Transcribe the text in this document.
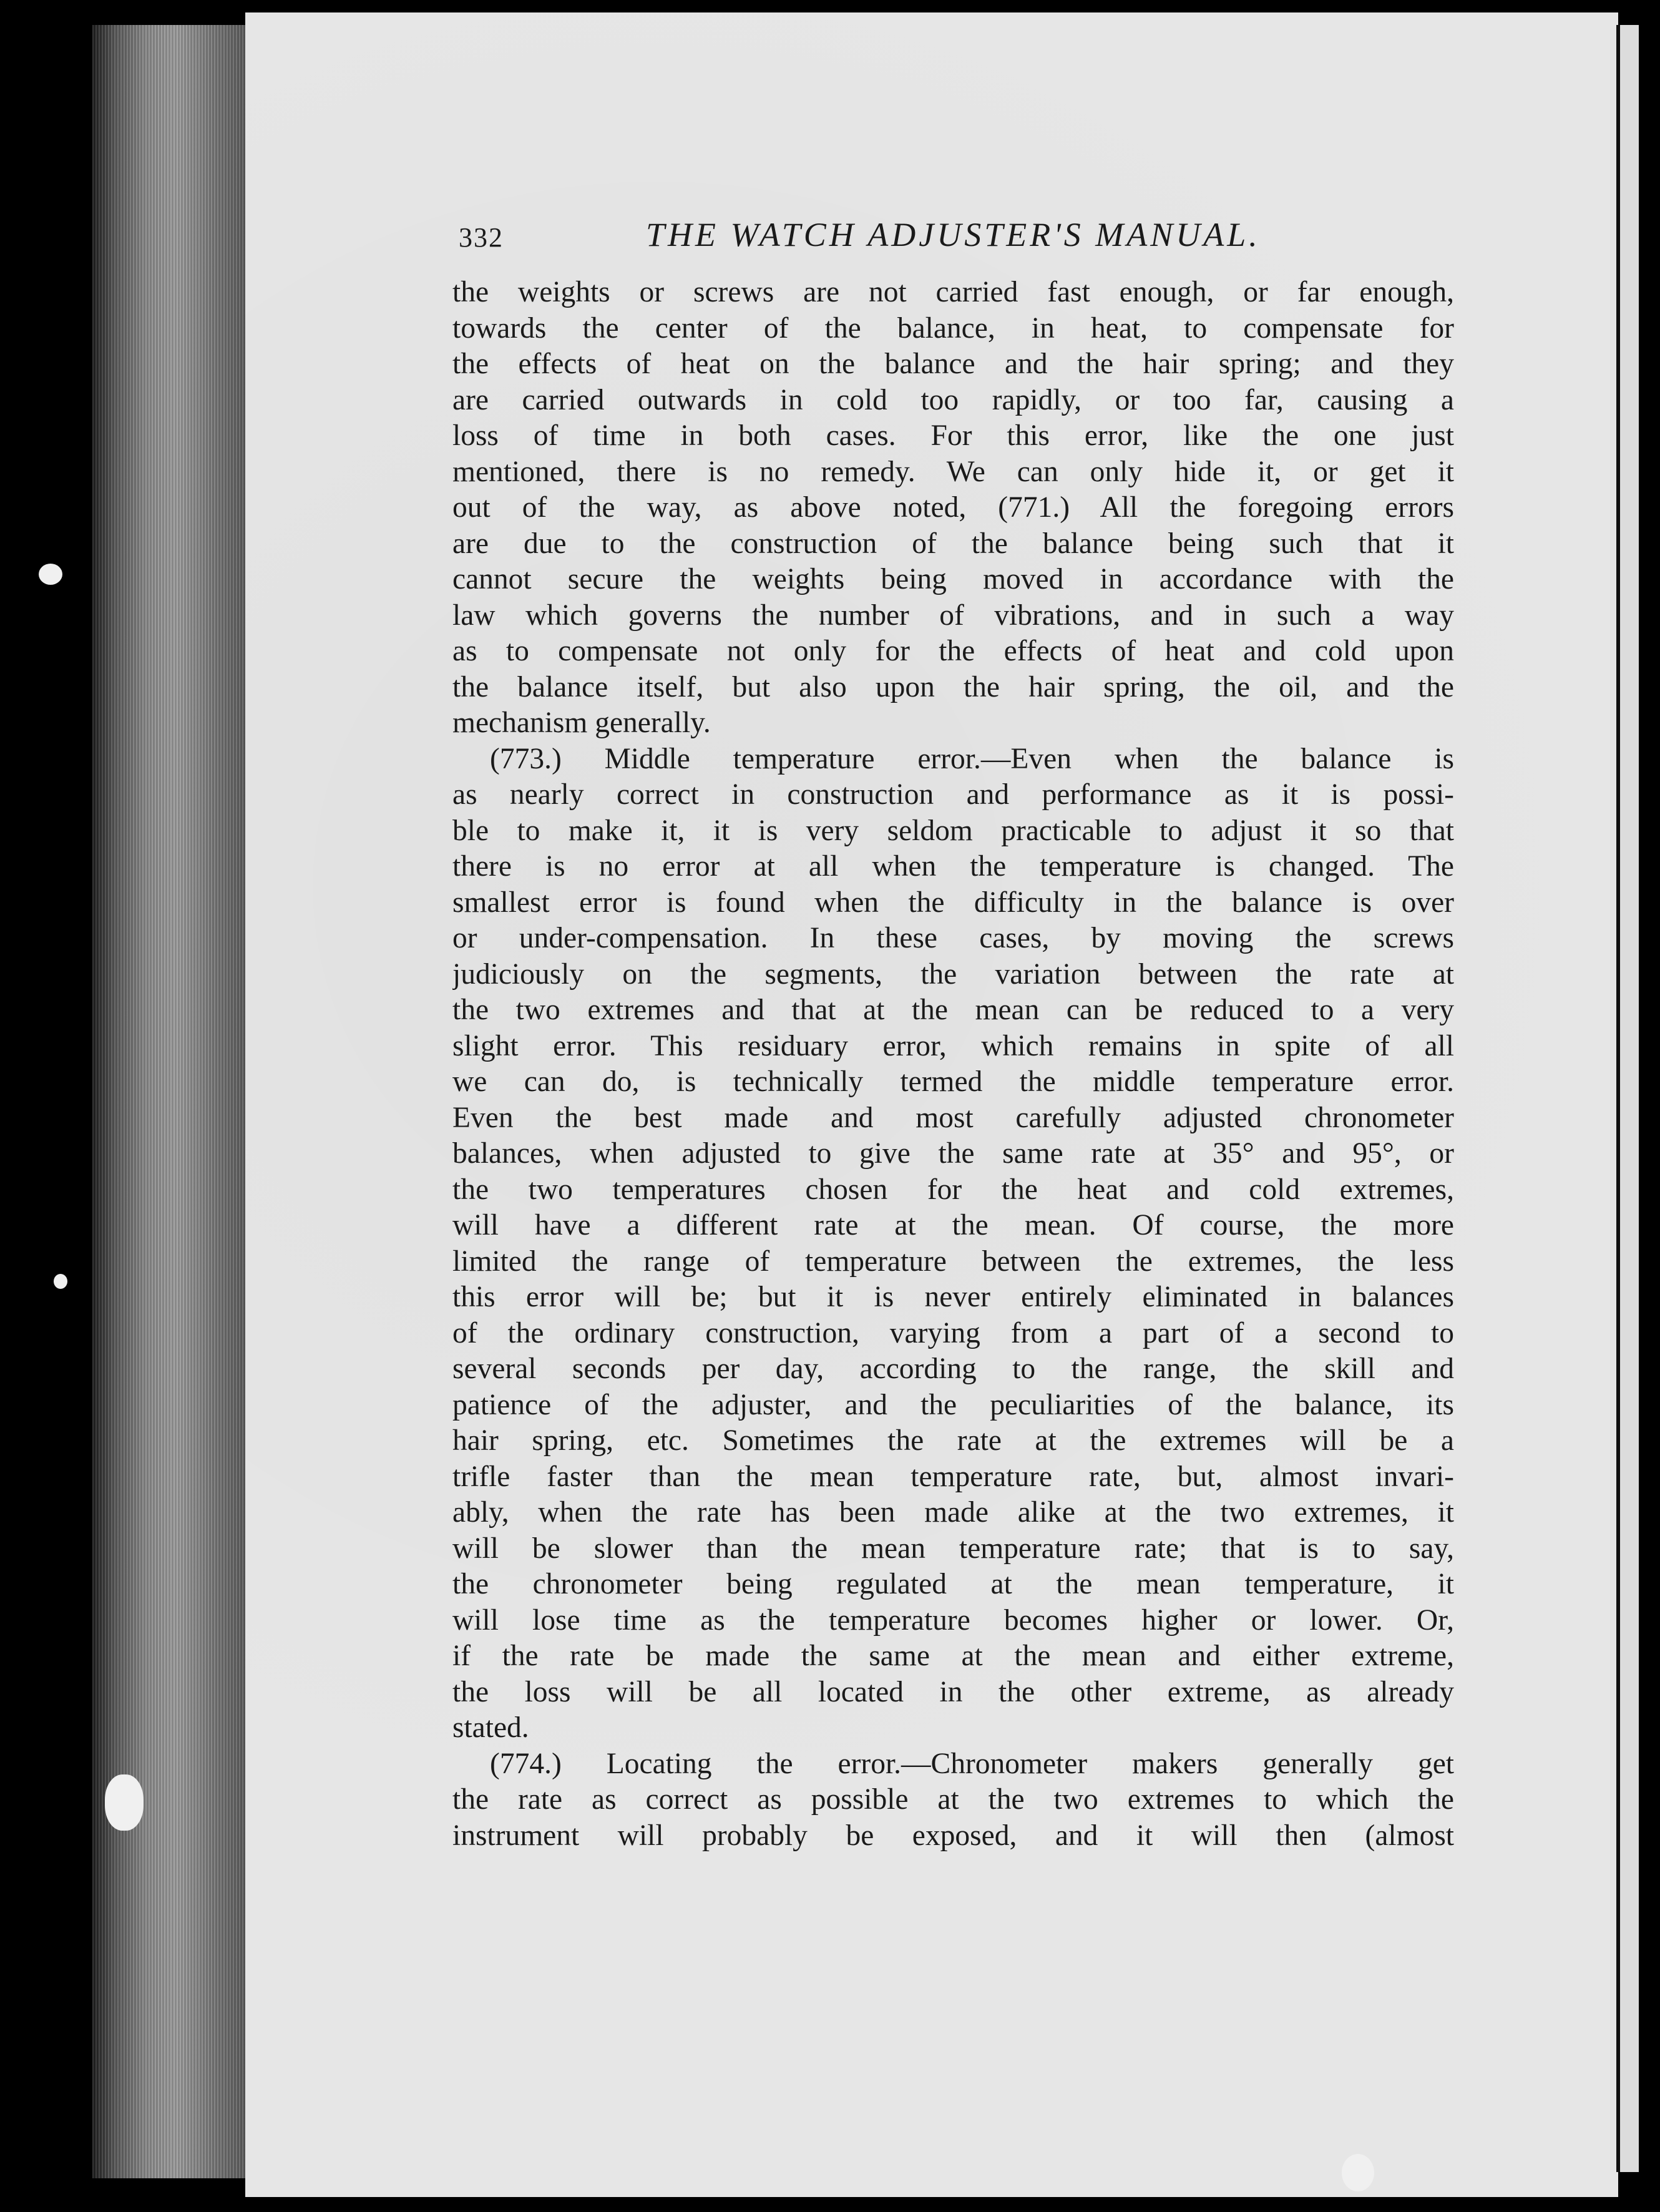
332	THE WATCH ADJUSTER'S MANUAL.
the weights or screws are not carried fast enough, or far enough,
towards the center of the balance, in heat, to compensate for
the effects of heat on the balance and the hair spring; and they
are carried outwards in cold too rapidly, or too far, causing a
loss of time in both cases. For this error, like the one just
mentioned, there is no remedy. We can only hide it, or get it
out of the way, as above noted, (771.) All the foregoing errors
are due to the construction of the balance being such that it
cannot secure the weights being moved in accordance with the
law which governs the number of vibrations, and in such a way
as to compensate not only for the effects of heat and cold upon
the balance itself, but also upon the hair spring, the oil, and the
mechanism generally.
(773.) Middle temperature error.—Even when the balance is
as nearly correct in construction and performance as it is possi-
ble to make it, it is very seldom practicable to adjust it so that
there is no error at all when the temperature is changed. The
smallest error is found when the difficulty in the balance is over
or under-compensation. In these cases, by moving the screws
judiciously on the segments, the variation between the rate at
the two extremes and that at the mean can be reduced to a very
slight error. This residuary error, which remains in spite of all
we can do, is technically termed the middle temperature error.
Even the best made and most carefully adjusted chronometer
balances, when adjusted to give the same rate at 35° and 95°, or
the two temperatures chosen for the heat and cold extremes,
will have a different rate at the mean. Of course, the more
limited the range of temperature between the extremes, the less
this error will be; but it is never entirely eliminated in balances
of the ordinary construction, varying from a part of a second to
several seconds per day, according to the range, the skill and
patience of the adjuster, and the peculiarities of the balance, its
hair spring, etc. Sometimes the rate at the extremes will be a
trifle faster than the mean temperature rate, but, almost invari-
ably, when the rate has been made alike at the two extremes, it
will be slower than the mean temperature rate; that is to say,
the chronometer being regulated at the mean temperature, it
will lose time as the temperature becomes higher or lower. Or,
if the rate be made the same at the mean and either extreme,
the loss will be all located in the other extreme, as already
stated.
(774.) Locating the error.—Chronometer makers generally get
the rate as correct as possible at the two extremes to which the
instrument will probably be exposed, and it will then (almost
